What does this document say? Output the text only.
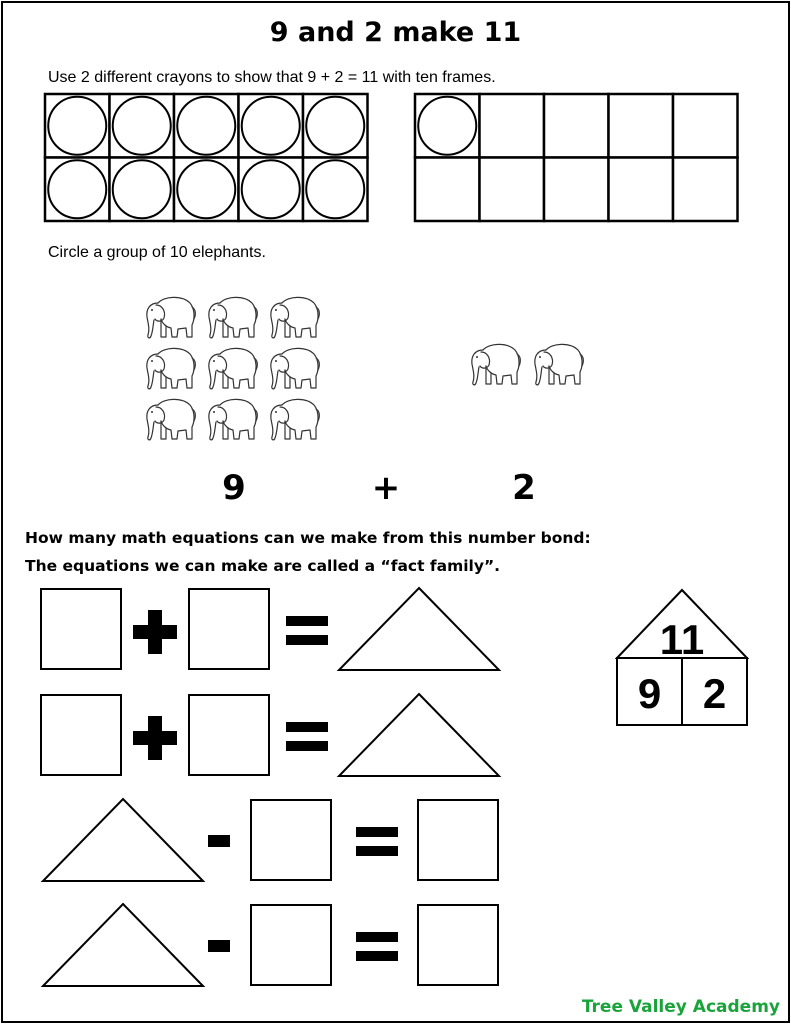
9 and 2 make 11
Use 2 different crayons to show that 9 + 2 = 11 with ten frames.
Circle a group of 10 elephants.
9	+	2
How many math equations can we make from this number bond:
The equations we can make are called a “fact family”.
11
9 2
Tree Valley Academy
